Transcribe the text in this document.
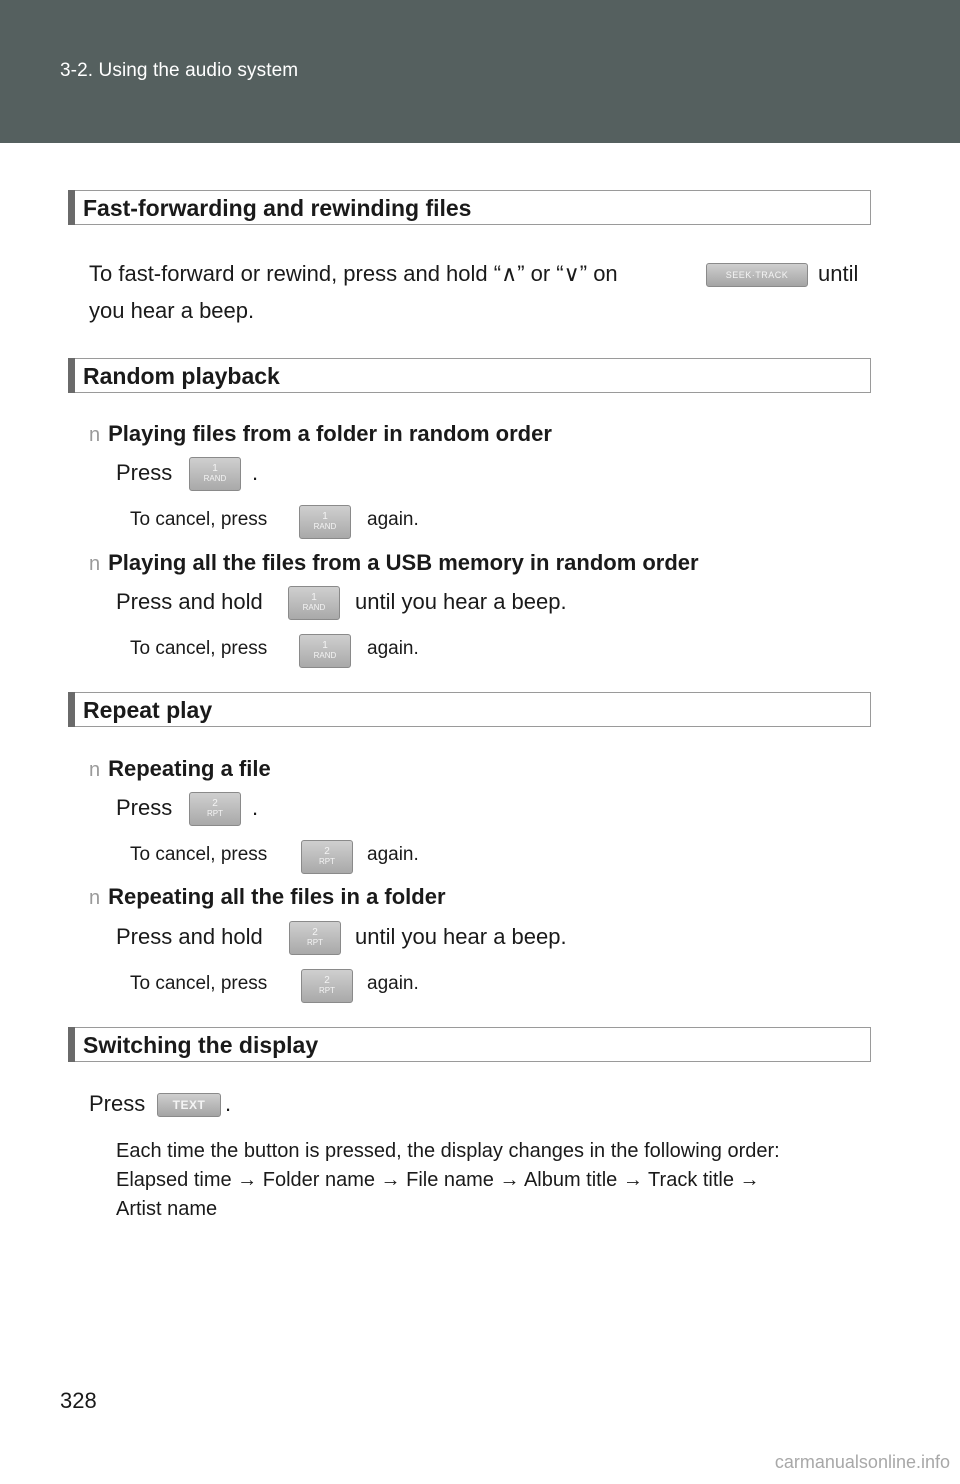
3-2. Using the audio system
Fast-forwarding and rewinding files
To fast-forward or rewind, press and hold “∧” or “∨” on	SEEK·TRACK	until
you hear a beep.
Random playback
n Playing files from a folder in random order
Press	1
RAND	.
To cancel, press	1
RAND	again.
n Playing all the files from a USB memory in random order
Press and hold	1
RAND	until you hear a beep.
To cancel, press	1
RAND	again.
Repeat play
n Repeating a file
Press	2
RPT	.
To cancel, press	2
RPT	again.
n Repeating all the files in a folder
Press and hold	2
RPT	until you hear a beep.
To cancel, press	2
RPT	again.
Switching the display
Press	TEXT .
Each time the button is pressed, the display changes in the following order:
Elapsed time → Folder name → File name → Album title → Track title →
Artist name
328
carmanualsonline.info
